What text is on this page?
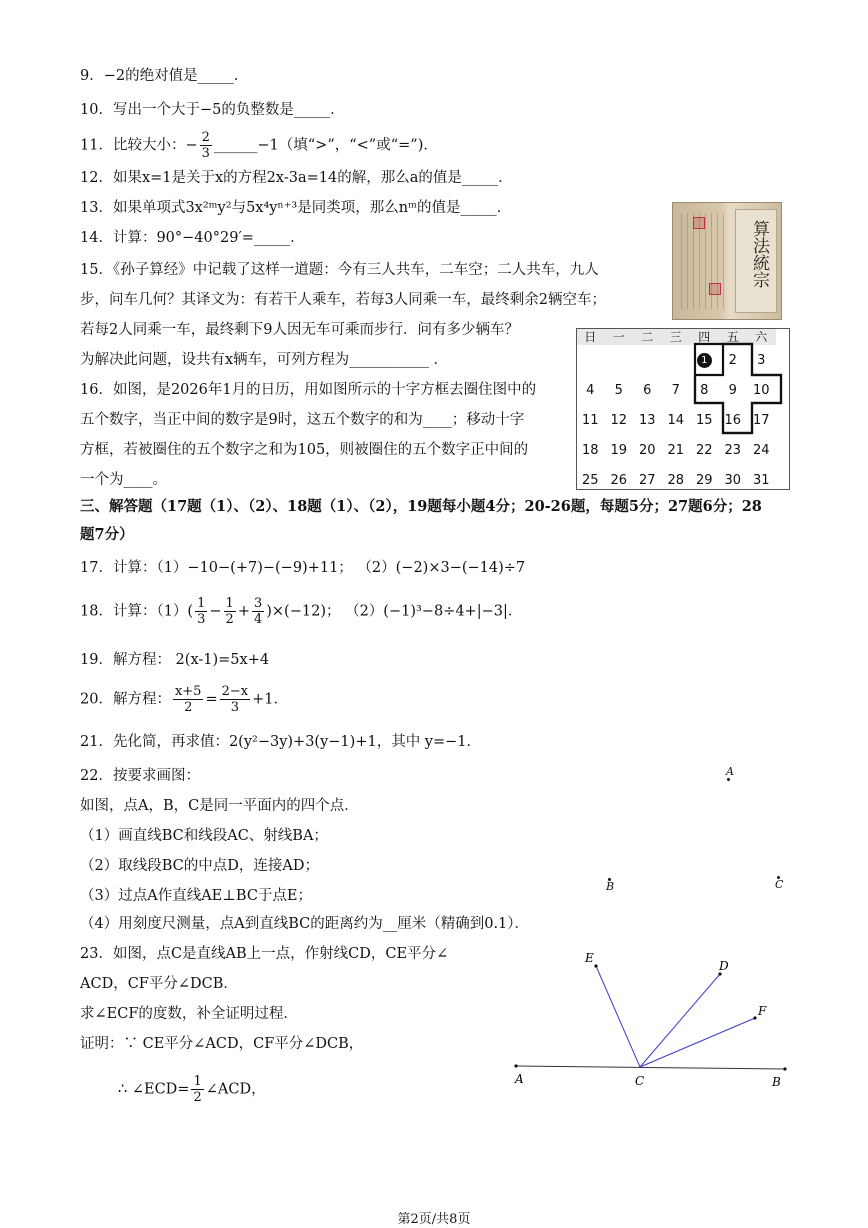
9．−2的绝对值是_____．
10．写出一个大于−5的负整数是_____．
11．比较大小：− $\frac{2}{3}$ ______−1（填“>”，“<”或“=”)．
12．如果x=1是关于x的方程2x-3a=14的解，那么a的值是_____．
13．如果单项式3x²ᵐy²与5x⁴yⁿ⁺³是同类项，那么nᵐ的值是_____．
14．计算：90°−40°29′=_____．
15．《孙子算经》中记载了这样一道题：今有三人共车，二车空；二人共车，九人
步，问车几何？其译文为：有若干人乘车，若每3人同乘一车，最终剩余2辆空车；
若每2人同乘一车，最终剩下9人因无车可乘而步行．问有多少辆车？
为解决此问题，设共有x辆车，可列方程为___________ ．
16．如图，是2026年1月的日历，用如图所示的十字方框去圈住图中的
五个数字，当正中间的数字是9时，这五个数字的和为____；移动十字
方框，若被圈住的五个数字之和为105，则被圈住的五个数字正中间的
一个为____。
算法統宗
日	一	二	三	四	五	六
				1	2	3
4	5	6	7	8	9	10
11	12	13	14	15	16	17
18	19	20	21	22	23	24
25	26	27	28	29	30	31
三、解答题（17题（1）、（2）、18题（1）、（2），19题每小题4分；20-26题，每题5分；27题6分；28
题7分）
17．计算：（1）−10−(+7)−(−9)+11； （2）(−2)×3−(−14)÷7
18．计算：$(1)( \frac{1}{3} - \frac{1}{2} + \frac{3}{4} )\times(-12)$； （2）(−1)³−8÷4+|−3|．
19．解方程： 2(x-1)=5x+4
20．解方程： $\frac{x+5}{2} = \frac{2-x}{3} +1$．
21．先化简，再求值：2(y²−3y)+3(y−1)+1，其中 y=−1．
22．按要求画图：
如图，点A，B，C是同一平面内的四个点．
（1）画直线BC和线段AC、射线BA；
（2）取线段BC的中点D，连接AD；
（3）过点A作直线AE⊥BC于点E；
（4）用刻度尺测量，点A到直线BC的距离约为__厘米（精确到0.1）．
A
B	C
23．如图，点C是直线AB上一点，作射线CD，CE平分∠
ACD，CF平分∠DCB．
求∠ECF的度数，补全证明过程．
证明：∵ CE平分∠ACD，CF平分∠DCB，
∴ ∠ECD= $\frac{1}{2}$ ∠ACD，
A	B
C
D
E
F
第2页/共8页
